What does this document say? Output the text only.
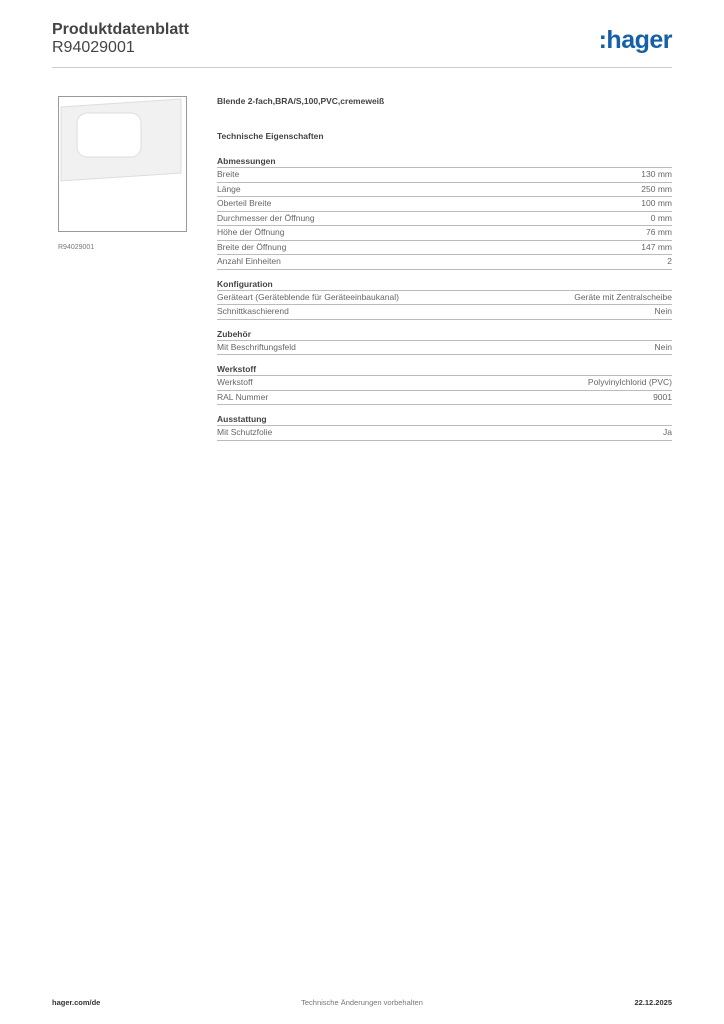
Produktdatenblatt
R94029001	:hager
R94029001
Blende 2-fach,BRA/S,100,PVC,cremeweiß
Technische Eigenschaften
Abmessungen
Breite	130 mm
Länge	250 mm
Oberteil Breite	100 mm
Durchmesser der Öffnung	0 mm
Höhe der Öffnung	76 mm
Breite der Öffnung	147 mm
Anzahl Einheiten	2
Konfiguration
Geräteart (Geräteblende für Geräteeinbaukanal)	Geräte mit Zentralscheibe
Schnittkaschierend	Nein
Zubehör
Mit Beschriftungsfeld	Nein
Werkstoff
Werkstoff	Polyvinylchlorid (PVC)
RAL Nummer	9001
Ausstattung
Mit Schutzfolie	Ja
hager.com/de	Technische Änderungen vorbehalten	22.12.2025
